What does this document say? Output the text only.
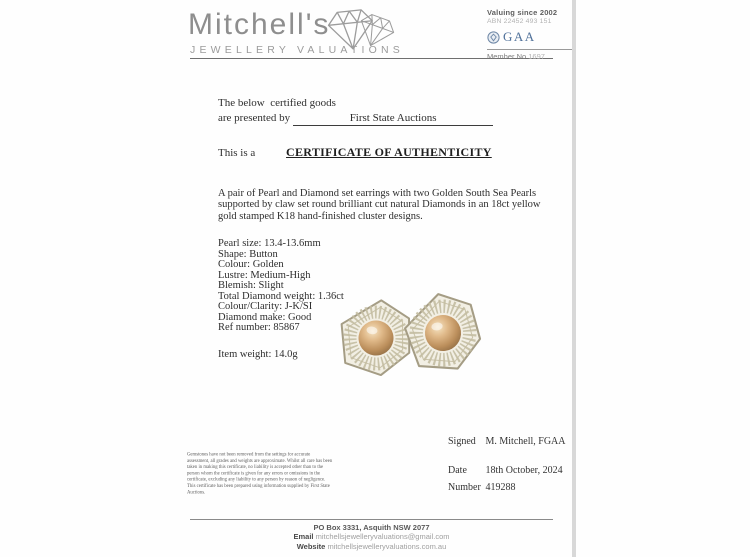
Mitchell's
JEWELLERY VALUATIONS
Valuing since 2002
ABN 22452 493 151
GAA
Member No 1697
The below  certified goods
are presented by	First State Auctions
This is a	CERTIFICATE OF AUTHENTICITY
A pair of Pearl and Diamond set earrings with two Golden South Sea Pearls supported by claw set round brilliant cut natural Diamonds in an 18ct yellow gold stamped K18 hand-finished cluster designs.
Pearl size: 13.4-13.6mm
Shape: Button
Colour: Golden
Lustre: Medium-High
Blemish: Slight
Total Diamond weight: 1.36ct
Colour/Clarity: J-K/SI
Diamond make: Good
Ref number: 85867
Item weight: 14.0g
Gemstones have not been removed from the settings for accurate assessment, all grades and weights are approximate. Whilst all care has been taken in making this certificate, no liability is accepted other than to the person whom the certificate is given for any errors or omissions in the certificate, excluding any liability to any person by reason of negligence. This certificate has been prepared using information supplied by First State Auctions.
Signed M. Mitchell, FGAA
Date 18th October, 2024
Number 419288
PO Box 3331, Asquith NSW 2077
Email mitchellsjewelleryvaluations@gmail.com
Website mitchellsjewelleryvaluations.com.au
